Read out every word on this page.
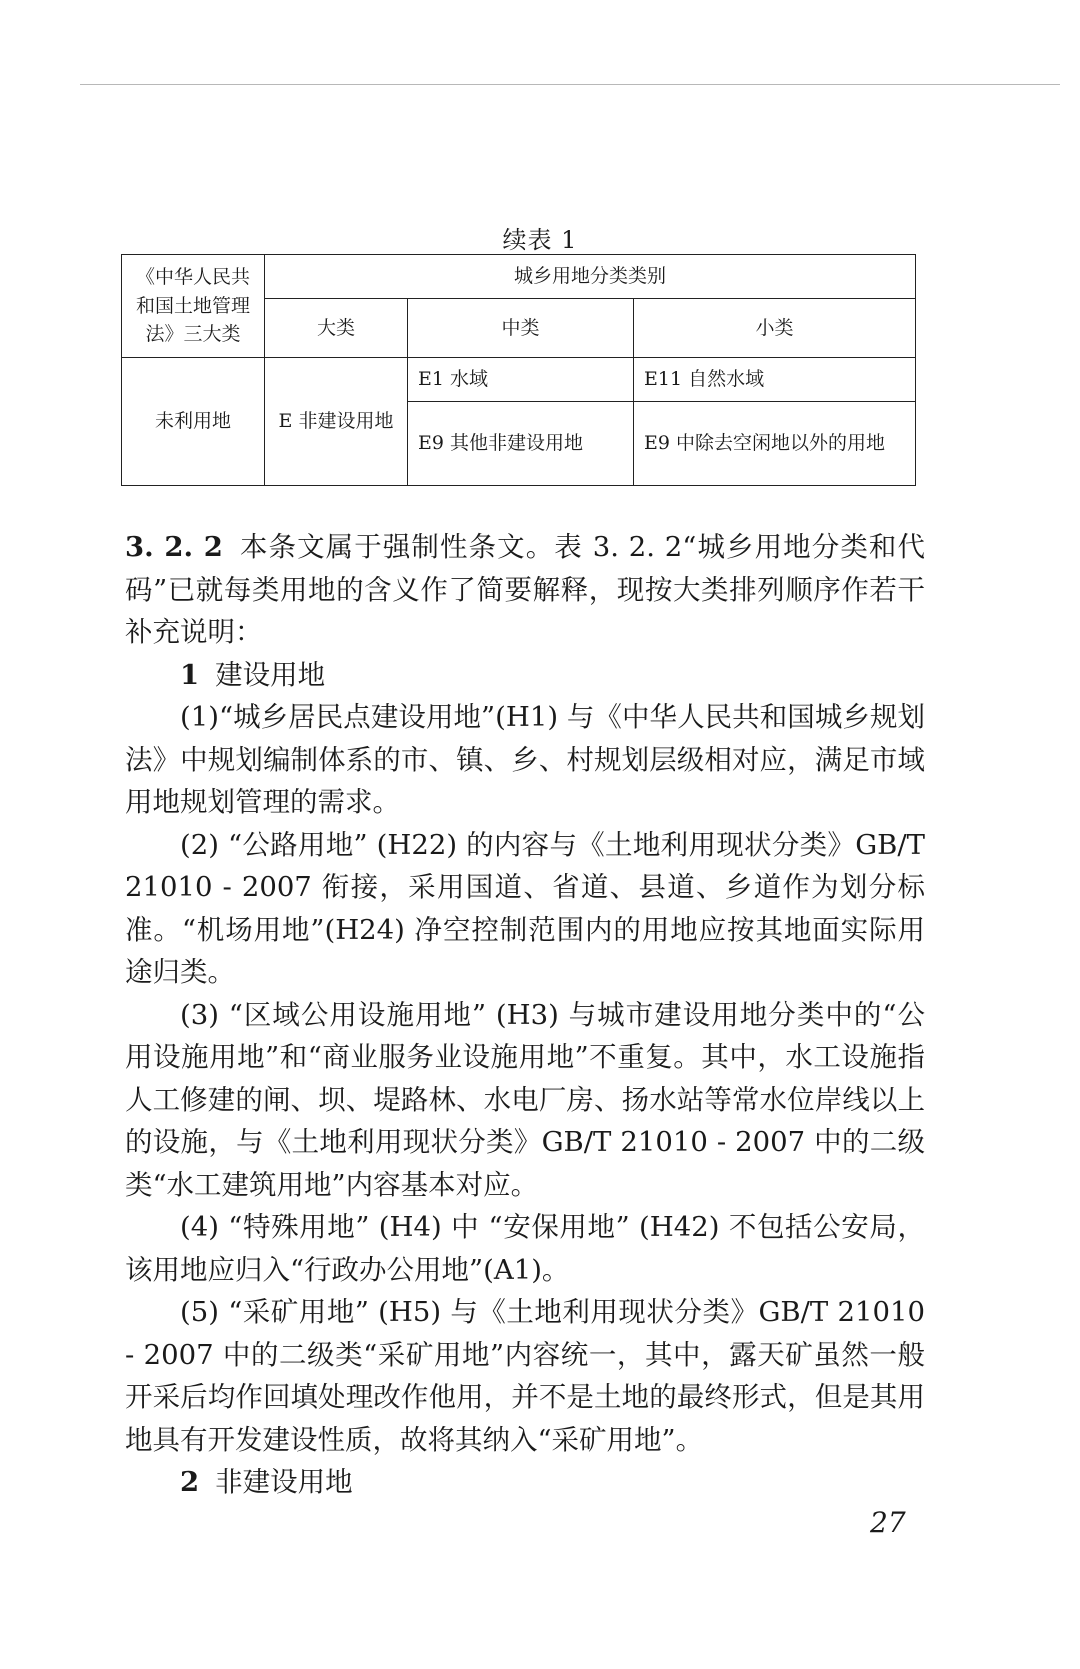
续表 1
《中华人民共和国土地管理法》三大类	城乡用地分类类别		
	大类	中类	小类
未利用地	E 非建设用地	E1 水域	E11 自然水域
		E9 其他非建设用地	E9 中除去空闲地以外的用地

3. 2. 2 本条文属于强制性条文。表 3. 2. 2“城乡用地分类和代码”已就每类用地的含义作了简要解释，现按大类排列顺序作若干补充说明：

1 建设用地

(1)“城乡居民点建设用地”(H1) 与《中华人民共和国城乡规划法》中规划编制体系的市、镇、乡、村规划层级相对应，满足市域用地规划管理的需求。

(2) “公路用地” (H22) 的内容与《土地利用现状分类》GB/T 21010 - 2007 衔接，采用国道、省道、县道、乡道作为划分标准。“机场用地”(H24) 净空控制范围内的用地应按其地面实际用途归类。

(3) “区域公用设施用地” (H3) 与城市建设用地分类中的“公用设施用地”和“商业服务业设施用地”不重复。其中，水工设施指人工修建的闸、坝、堤路林、水电厂房、扬水站等常水位岸线以上的设施，与《土地利用现状分类》GB/T 21010 - 2007 中的二级类“水工建筑用地”内容基本对应。

(4) “特殊用地” (H4) 中 “安保用地” (H42) 不包括公安局，该用地应归入“行政办公用地”(A1)。

(5) “采矿用地” (H5) 与《土地利用现状分类》GB/T 21010 - 2007 中的二级类“采矿用地”内容统一，其中，露天矿虽然一般开采后均作回填处理改作他用，并不是土地的最终形式，但是其用地具有开发建设性质，故将其纳入“采矿用地”。

2 非建设用地

27
